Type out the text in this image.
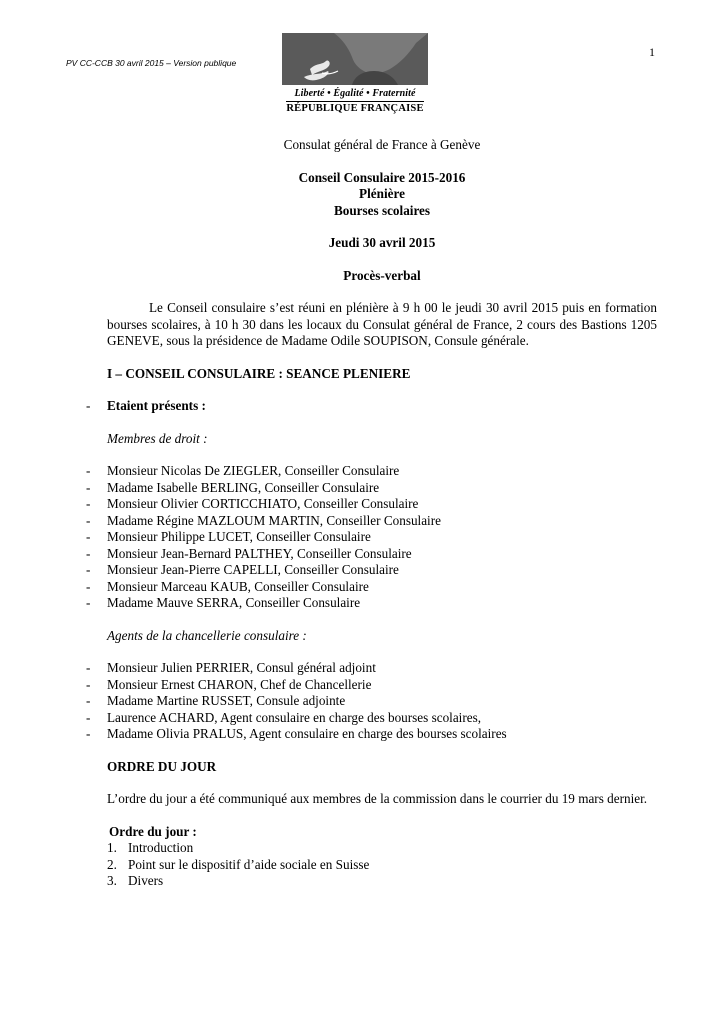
PV CC-CCB 30 avril 2015 – Version publique
1
Liberté • Égalité • Fraternité
RÉPUBLIQUE FRANÇAISE
Consulat général de France à Genève
Conseil Consulaire 2015-2016
Plénière
Bourses scolaires
Jeudi 30 avril 2015
Procès-verbal

Le Conseil consulaire s’est réuni en plénière à 9 h 00 le jeudi 30 avril 2015 puis en formation bourses scolaires, à 10 h 30 dans les locaux du Consulat général de France, 2 cours des Bastions 1205 GENEVE, sous la présidence de Madame Odile SOUPISON, Consule générale.

I – CONSEIL CONSULAIRE : SEANCE PLENIERE
- Etaient présents :
Membres de droit :
- Monsieur Nicolas De ZIEGLER, Conseiller Consulaire
- Madame Isabelle BERLING, Conseiller Consulaire
- Monsieur Olivier CORTICCHIATO, Conseiller Consulaire
- Madame Régine MAZLOUM MARTIN, Conseiller Consulaire
- Monsieur Philippe LUCET, Conseiller Consulaire
- Monsieur Jean-Bernard PALTHEY, Conseiller Consulaire
- Monsieur Jean-Pierre CAPELLI, Conseiller Consulaire
- Monsieur Marceau KAUB, Conseiller Consulaire
- Madame Mauve SERRA, Conseiller Consulaire
Agents de la chancellerie consulaire :
- Monsieur Julien PERRIER, Consul général adjoint
- Monsieur Ernest CHARON, Chef de Chancellerie
- Madame Martine RUSSET, Consule adjointe
- Laurence ACHARD, Agent consulaire en charge des bourses scolaires,
- Madame Olivia PRALUS, Agent consulaire en charge des bourses scolaires
ORDRE DU JOUR

L’ordre du jour a été communiqué aux membres de la commission dans le courrier du 19 mars dernier.

Ordre du jour :
1. Introduction
2. Point sur le dispositif d’aide sociale en Suisse
3. Divers
